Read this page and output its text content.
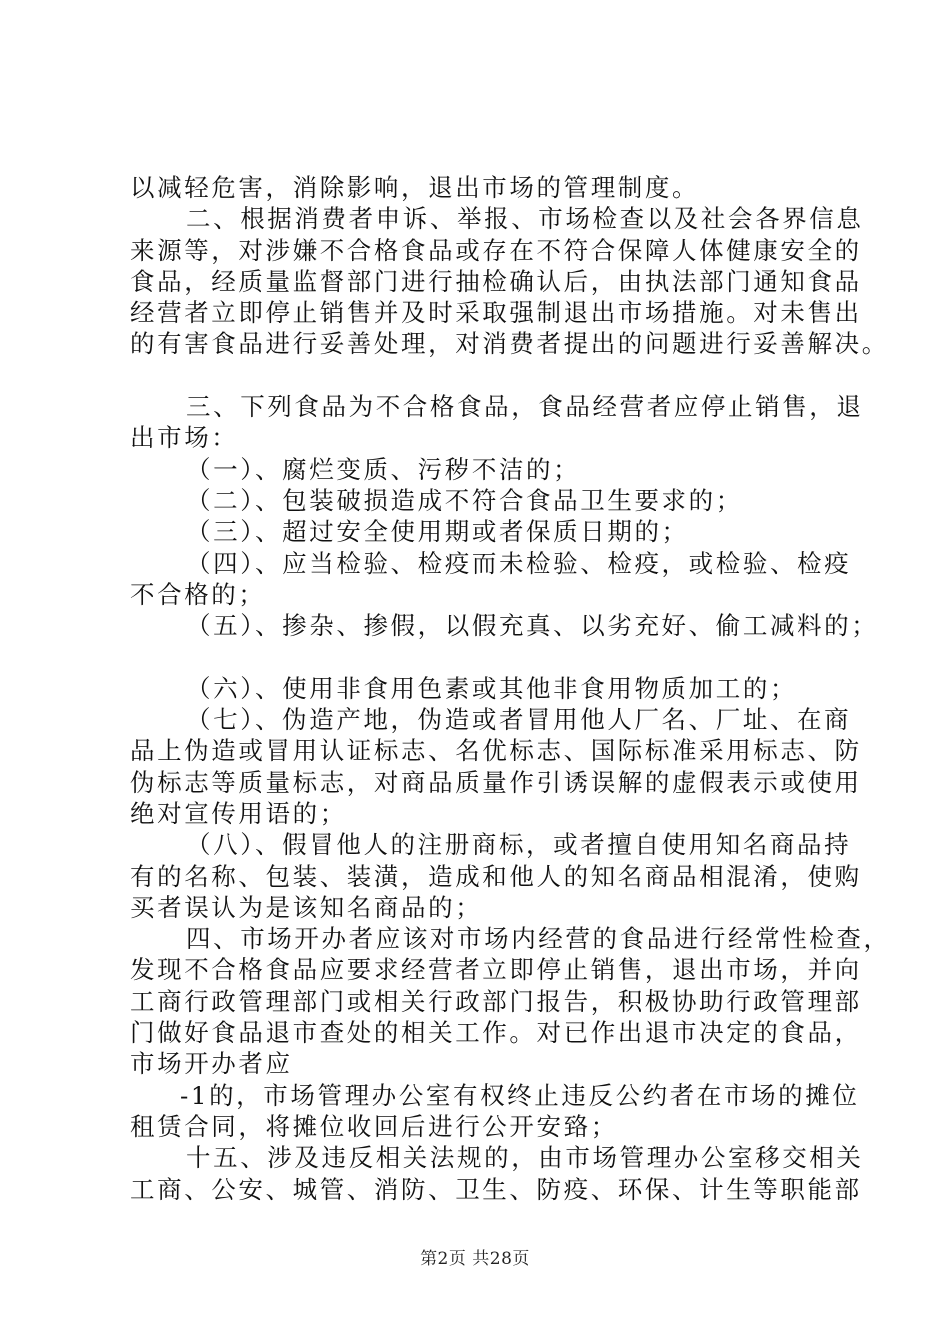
以减轻危害，消除影响，退出市场的管理制度。
二、根据消费者申诉、举报、市场检查以及社会各界信息
来源等，对涉嫌不合格食品或存在不符合保障人体健康安全的
食品，经质量监督部门进行抽检确认后，由执法部门通知食品
经营者立即停止销售并及时采取强制退出市场措施。对未售出
的有害食品进行妥善处理，对消费者提出的问题进行妥善解决。
三、下列食品为不合格食品，食品经营者应停止销售，退
出市场：
（一）、腐烂变质、污秽不洁的；
（二）、包装破损造成不符合食品卫生要求的；
（三）、超过安全使用期或者保质日期的；
（四）、应当检验、检疫而未检验、检疫，或检验、检疫
不合格的；
（五）、掺杂、掺假，以假充真、以劣充好、偷工减料的；
（六）、使用非食用色素或其他非食用物质加工的；
（七）、伪造产地，伪造或者冒用他人厂名、厂址、在商
品上伪造或冒用认证标志、名优标志、国际标准采用标志、防
伪标志等质量标志，对商品质量作引诱误解的虚假表示或使用
绝对宣传用语的；
（八）、假冒他人的注册商标，或者擅自使用知名商品持
有的名称、包装、装潢，造成和他人的知名商品相混淆，使购
买者误认为是该知名商品的；
四、市场开办者应该对市场内经营的食品进行经常性检查，
发现不合格食品应要求经营者立即停止销售，退出市场，并向
工商行政管理部门或相关行政部门报告，积极协助行政管理部
门做好食品退市查处的相关工作。对已作出退市决定的食品，
市场开办者应
-1的，市场管理办公室有权终止违反公约者在市场的摊位
租赁合同，将摊位收回后进行公开安臵；
十五、涉及违反相关法规的，由市场管理办公室移交相关
工商、公安、城管、消防、卫生、防疫、环保、计生等职能部
第2页 共28页
